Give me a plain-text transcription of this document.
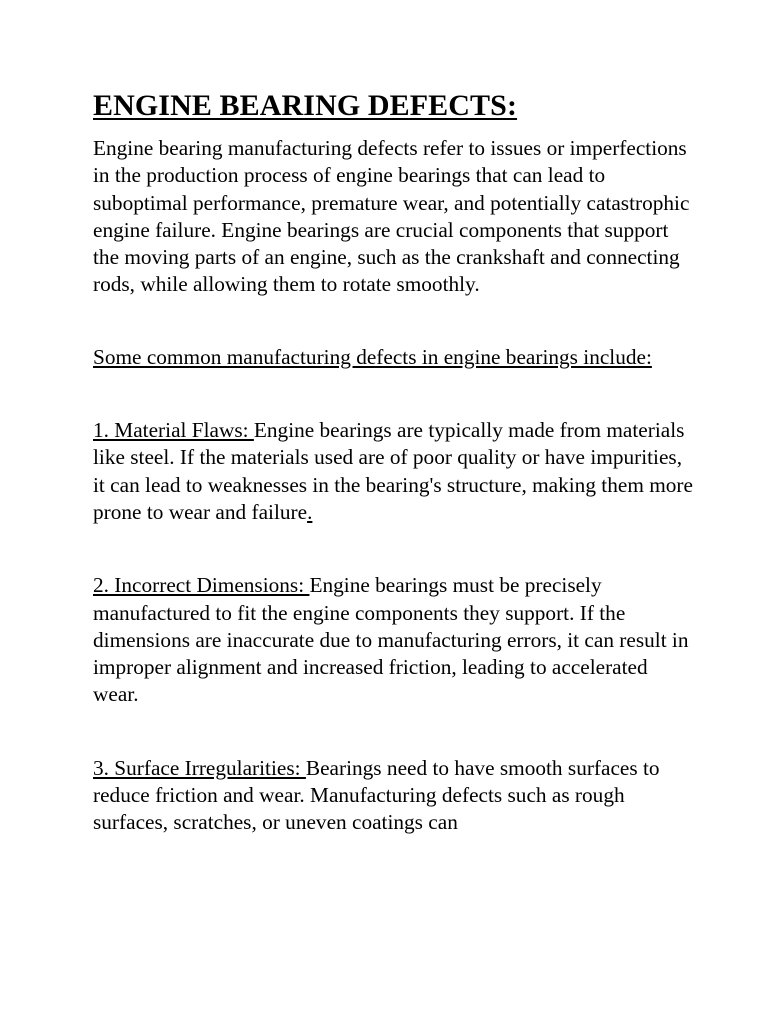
ENGINE BEARING DEFECTS:

Engine bearing manufacturing defects refer to issues or imperfections in the production process of engine bearings that can lead to suboptimal performance, premature wear, and potentially catastrophic engine failure. Engine bearings are crucial components that support the moving parts of an engine, such as the crankshaft and connecting rods, while allowing them to rotate smoothly.

Some common manufacturing defects in engine bearings include:

1. Material Flaws: Engine bearings are typically made from materials like steel. If the materials used are of poor quality or have impurities, it can lead to weaknesses in the bearing's structure, making them more prone to wear and failure.

2. Incorrect Dimensions: Engine bearings must be precisely manufactured to fit the engine components they support. If the dimensions are inaccurate due to manufacturing errors, it can result in improper alignment and increased friction, leading to accelerated wear.

3. Surface Irregularities: Bearings need to have smooth surfaces to reduce friction and wear. Manufacturing defects such as rough surfaces, scratches, or uneven coatings can
